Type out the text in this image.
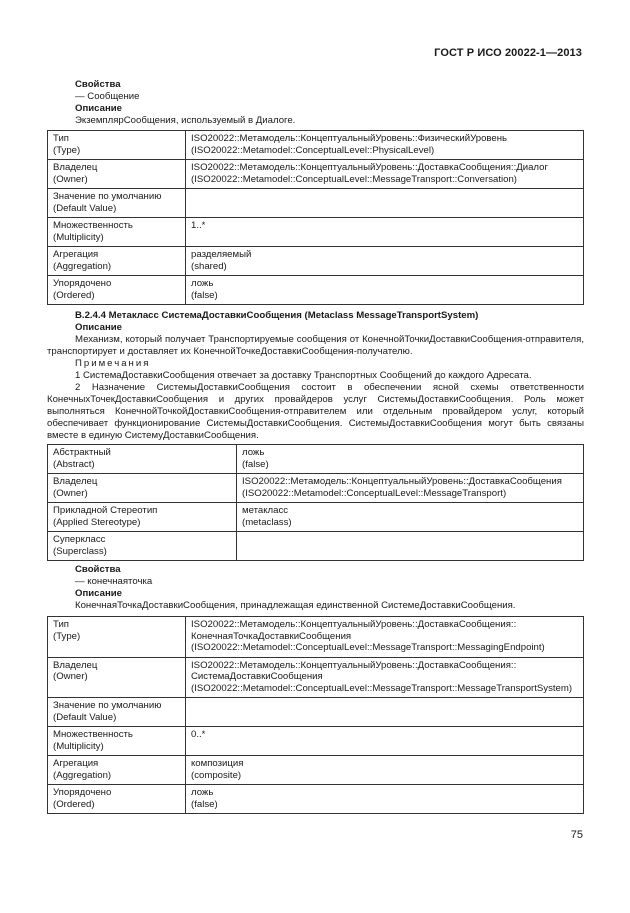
ГОСТ Р ИСО 20022-1—2013
Свойства
— Сообщение
Описание
ЭкземплярСообщения, используемый в Диалоге.
Тип
(Type)	ISO20022::Метамодель::КонцептуальныйУровень::ФизическийУровень
(ISO20022::Metamodel::ConceptualLevel::PhysicalLevel)

Владелец
(Owner)	ISO20022::Метамодель::КонцептуальныйУровень::ДоставкаСообщения::Диалог
(ISO20022::Metamodel::ConceptualLevel::MessageTransport::Conversation)

Значение по умолчанию
(Default Value)	

Множественность
(Multiplicity)	1..*

Агрегация
(Aggregation)	разделяемый
(shared)

Упорядочено
(Ordered)	ложь
(false)
B.2.4.4 Метакласс СистемаДоставкиСообщения (Metaclass MessageTransportSystem)
Описание
Механизм, который получает Транспортируемые сообщения от КонечнойТочкиДоставкиСообщения-отправителя, транспортирует и доставляет их КонечнойТочкеДоставкиСообщения-получателю.
Примечания
1 СистемаДоставкиСообщения отвечает за доставку Транспортных Сообщений до каждого Адресата.
2 Назначение СистемыДоставкиСообщения состоит в обеспечении ясной схемы ответственности КонечныхТочекДоставкиСообщения и других провайдеров услуг СистемыДоставкиСообщения. Роль может выполняться КонечнойТочкойДоставкиСообщения-отправителем или отдельным провайдером услуг, который обеспечивает функционирование СистемыДоставкиСообщения. СистемыДоставкиСообщения могут быть связаны вместе в единую СистемуДоставкиСообщения.
Абстрактный
(Abstract)	ложь
(false)

Владелец
(Owner)	ISO20022::Метамодель::КонцептуальныйУровень::ДоставкаСообщения
(ISO20022::Metamodel::ConceptualLevel::MessageTransport)

Прикладной Стереотип
(Applied Stereotype)	метакласс
(metaclass)

Суперкласс
(Superclass)	

Свойства
— конечнаяточка
Описание
КонечнаяТочкаДоставкиСообщения, принадлежащая единственной СистемеДоставкиСообщения.
Тип
(Type)	ISO20022::Метамодель::КонцептуальныйУровень::ДоставкаСообщения::
КонечнаяТочкаДоставкиСообщения
(ISO20022::Metamodel::ConceptualLevel::MessageTransport::MessagingEndpoint)

Владелец
(Owner)	ISO20022::Метамодель::КонцептуальныйУровень::ДоставкаСообщения::
СистемаДоставкиСообщения
(ISO20022::Metamodel::ConceptualLevel::MessageTransport::MessageTransportSystem)

Значение по умолчанию
(Default Value)	

Множественность
(Multiplicity)	0..*

Агрегация
(Aggregation)	композиция
(composite)

Упорядочено
(Ordered)	ложь
(false)
75
